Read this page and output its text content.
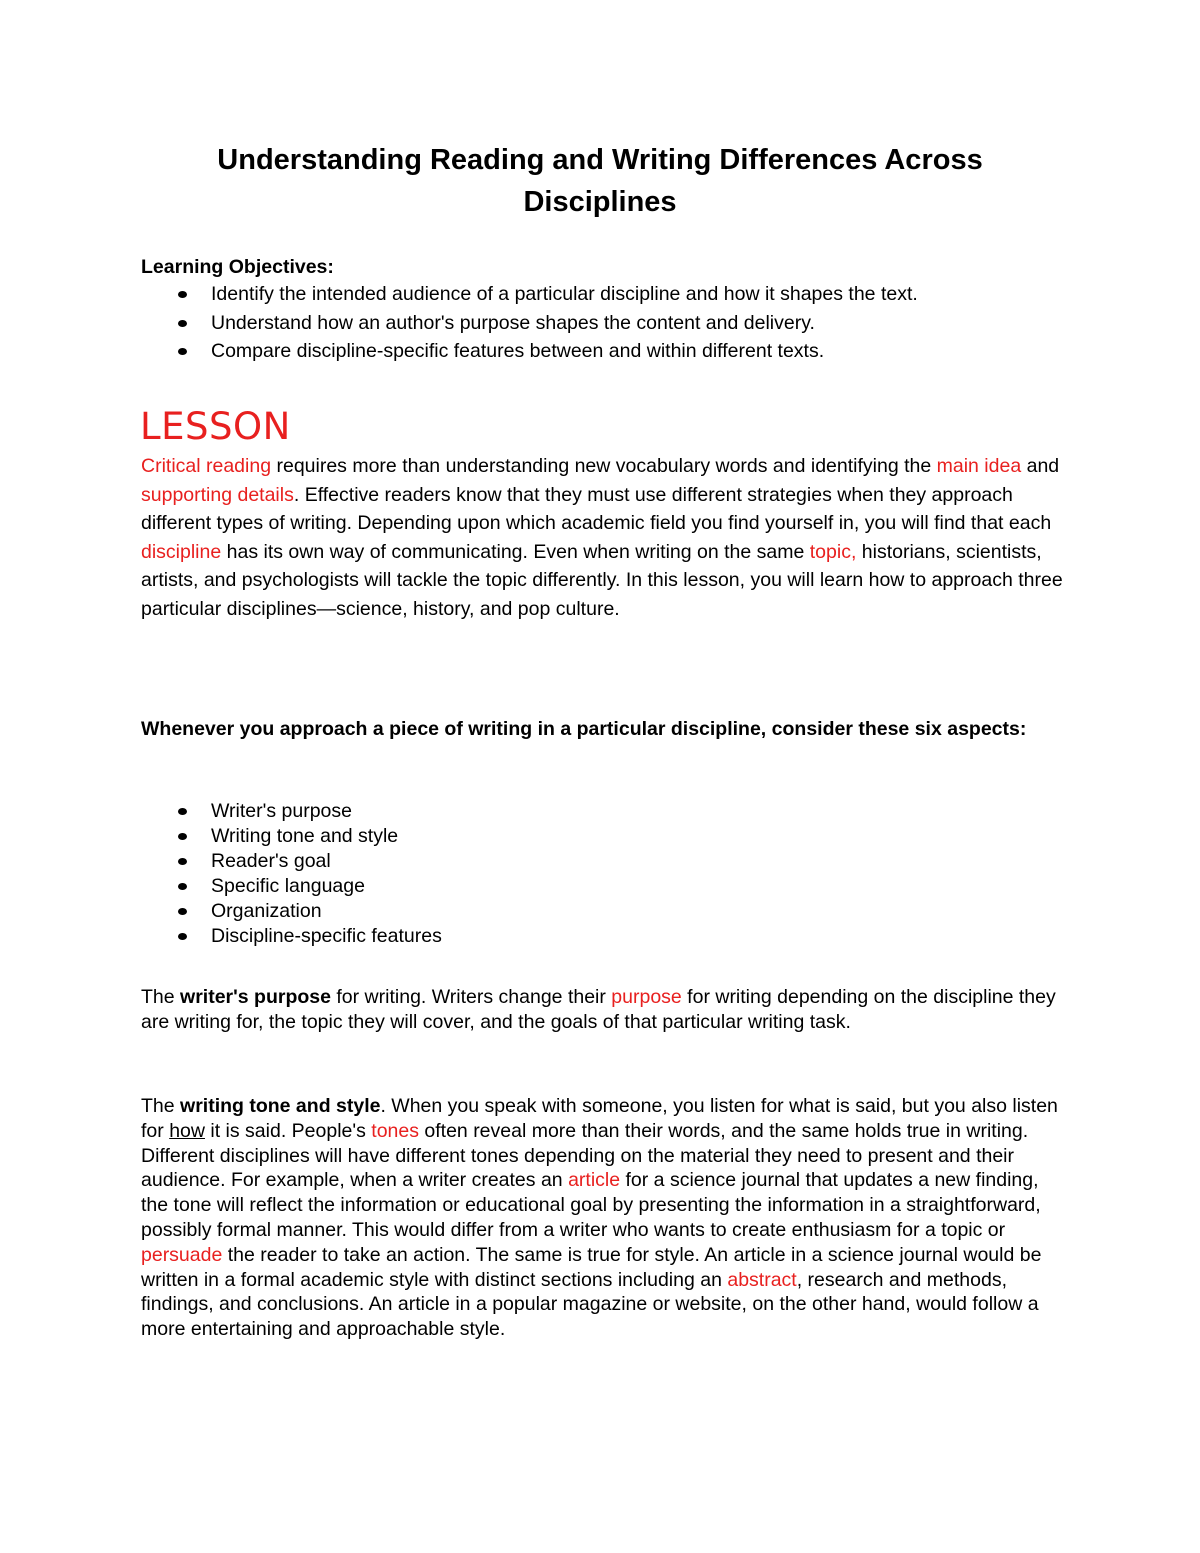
Understanding Reading and Writing Differences Across Disciplines

Learning Objectives:

Identify the intended audience of a particular discipline and how it shapes the text.
Understand how an author's purpose shapes the content and delivery.
Compare discipline-specific features between and within different texts.
LESSON

Critical reading requires more than understanding new vocabulary words and identifying the main idea and supporting details. Effective readers know that they must use different strategies when they approach different types of writing. Depending upon which academic field you find yourself in, you will find that each discipline has its own way of communicating. Even when writing on the same topic, historians, scientists, artists, and psychologists will tackle the topic differently. In this lesson, you will learn how to approach three particular disciplines—science, history, and pop culture.

Whenever you approach a piece of writing in a particular discipline, consider these six aspects:

Writer's purpose
Writing tone and style
Reader's goal
Specific language
Organization
Discipline-specific features

The writer's purpose for writing. Writers change their purpose for writing depending on the discipline they are writing for, the topic they will cover, and the goals of that particular writing task.

The writing tone and style. When you speak with someone, you listen for what is said, but you also listen for how it is said. People's tones often reveal more than their words, and the same holds true in writing. Different disciplines will have different tones depending on the material they need to present and their audience. For example, when a writer creates an article for a science journal that updates a new finding, the tone will reflect the information or educational goal by presenting the information in a straightforward, possibly formal manner. This would differ from a writer who wants to create enthusiasm for a topic or persuade the reader to take an action. The same is true for style. An article in a science journal would be written in a formal academic style with distinct sections including an abstract, research and methods, findings, and conclusions. An article in a popular magazine or website, on the other hand, would follow a more entertaining and approachable style.
